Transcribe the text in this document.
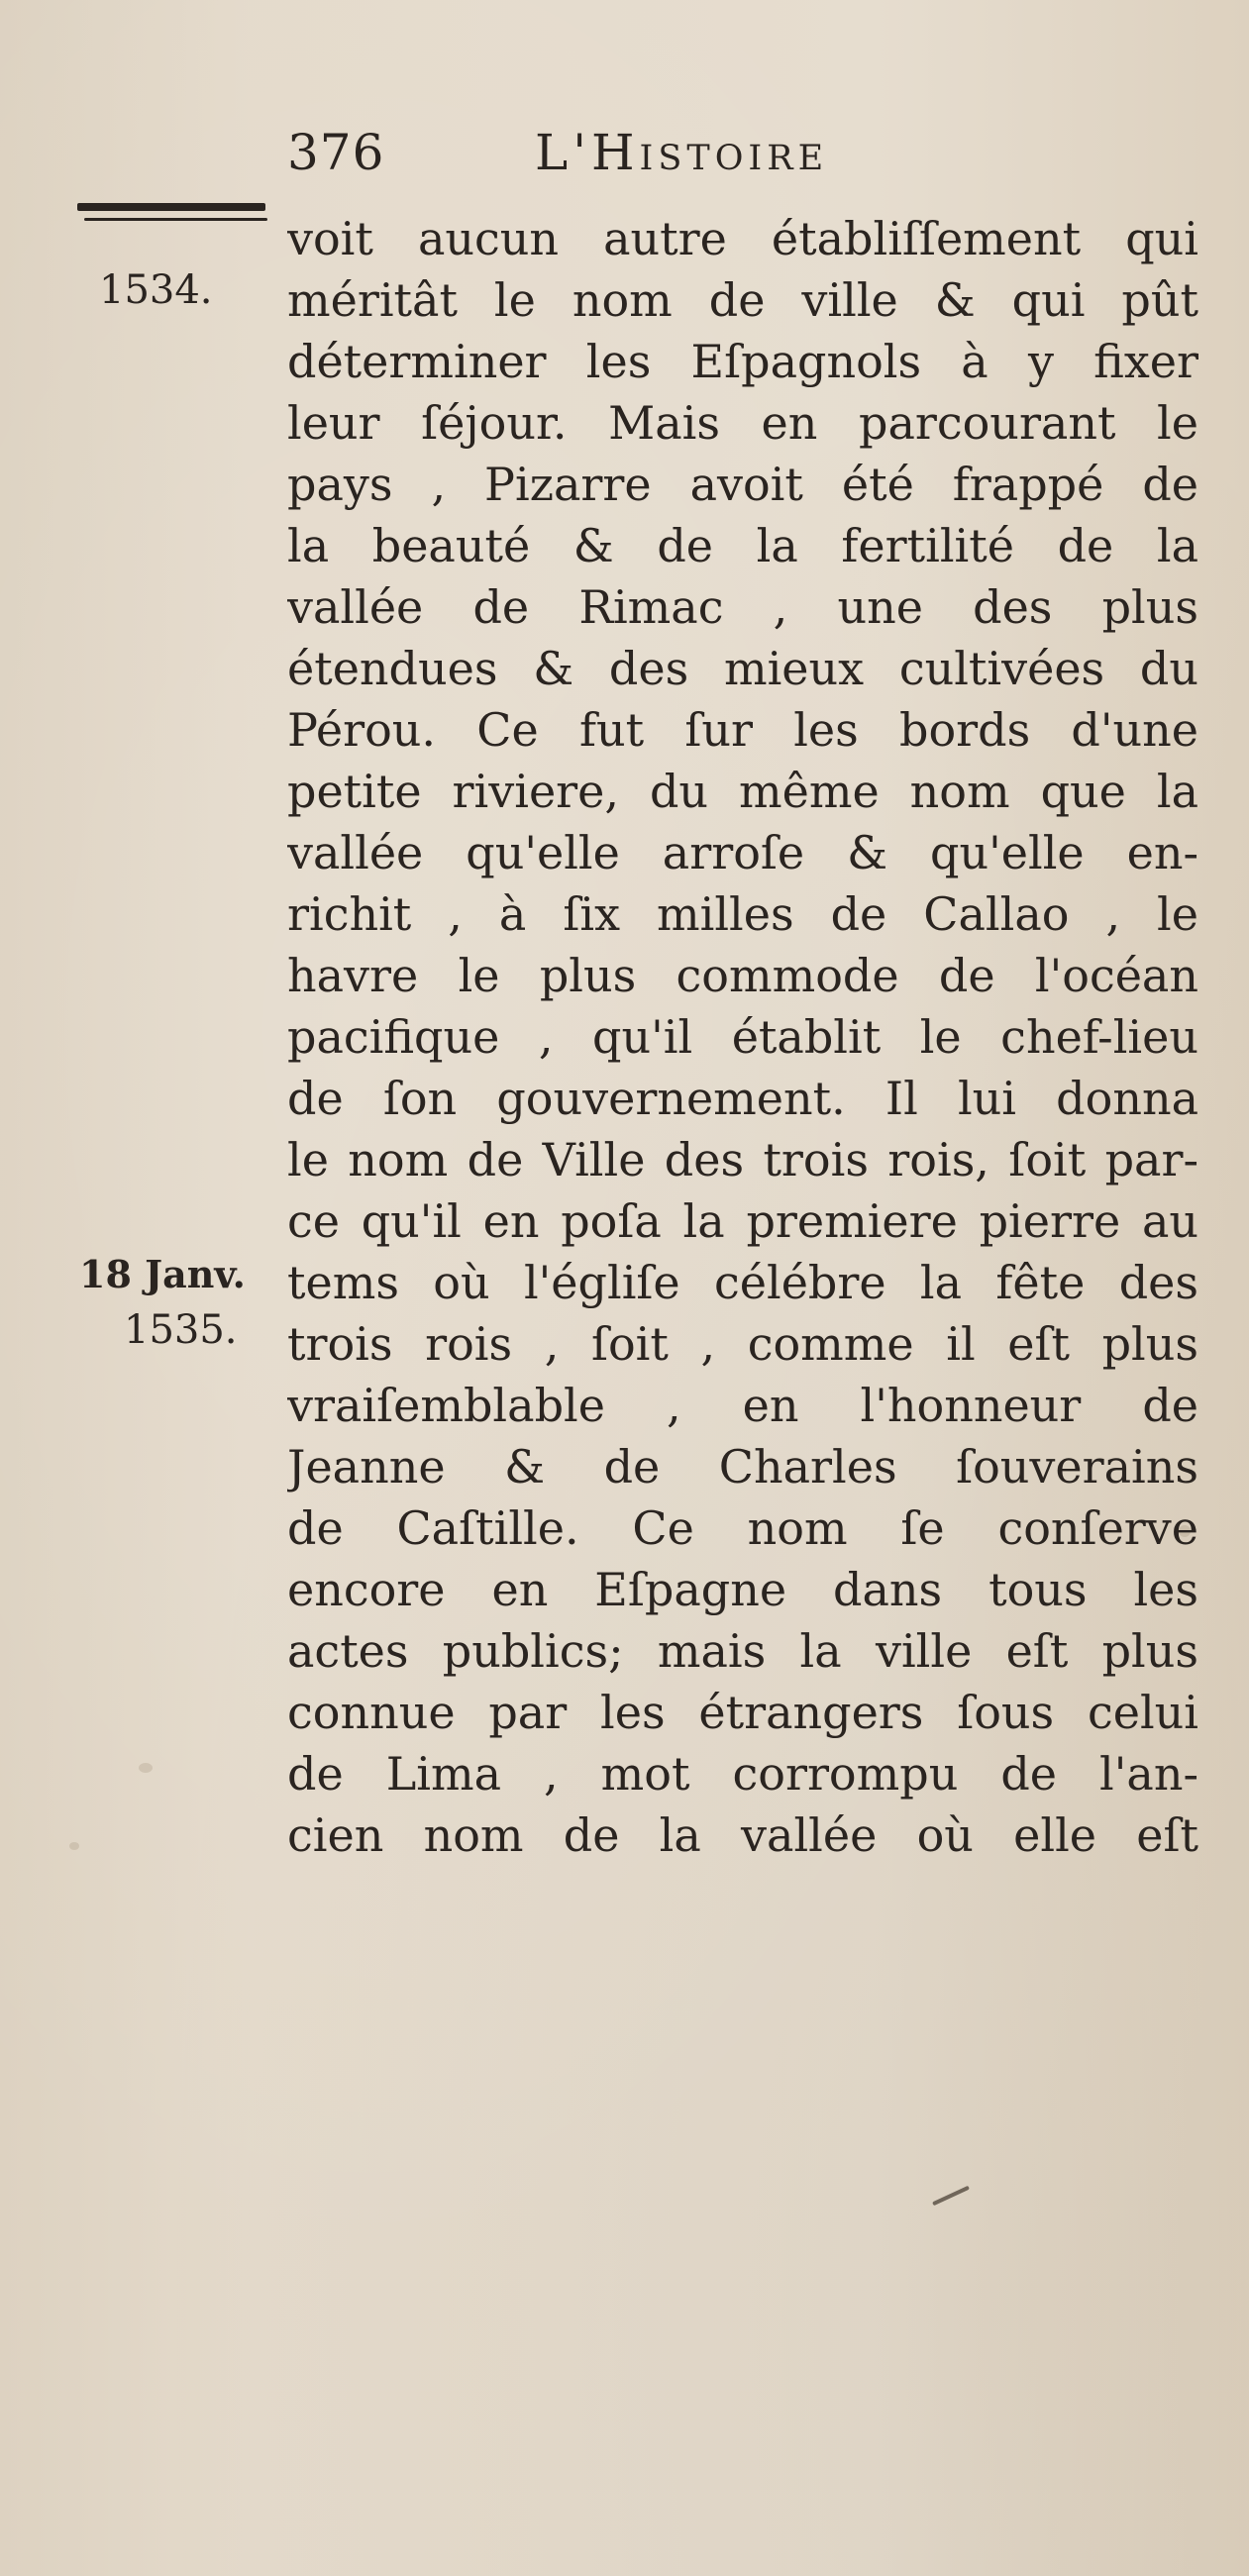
376	L'Histoire
1534.
18 Janv.
1535.
voit aucun autre établiſſement qui
méritât le nom de ville & qui pût
déterminer les Eſpagnols à y fixer
leur ſéjour. Mais en parcourant le
pays , Pizarre avoit été frappé de
la beauté & de la fertilité de la
vallée de Rimac , une des plus
étendues & des mieux cultivées du
Pérou. Ce fut ſur les bords d'une
petite riviere, du même nom que la
vallée qu'elle arroſe & qu'elle en-
richit , à ſix milles de Callao , le
havre le plus commode de l'océan
pacifique , qu'il établit le chef-lieu
de ſon gouvernement. Il lui donna
le nom de Ville des trois rois, ſoit par-
ce qu'il en poſa la premiere pierre au
tems où l'égliſe célébre la fête des
trois rois , ſoit , comme il eſt plus
vraiſemblable , en l'honneur de
Jeanne & de Charles ſouverains
de Caſtille. Ce nom ſe conſerve
encore en Eſpagne dans tous les
actes publics; mais la ville eſt plus
connue par les étrangers ſous celui
de Lima , mot corrompu de l'an-
cien nom de la vallée où elle eſt
